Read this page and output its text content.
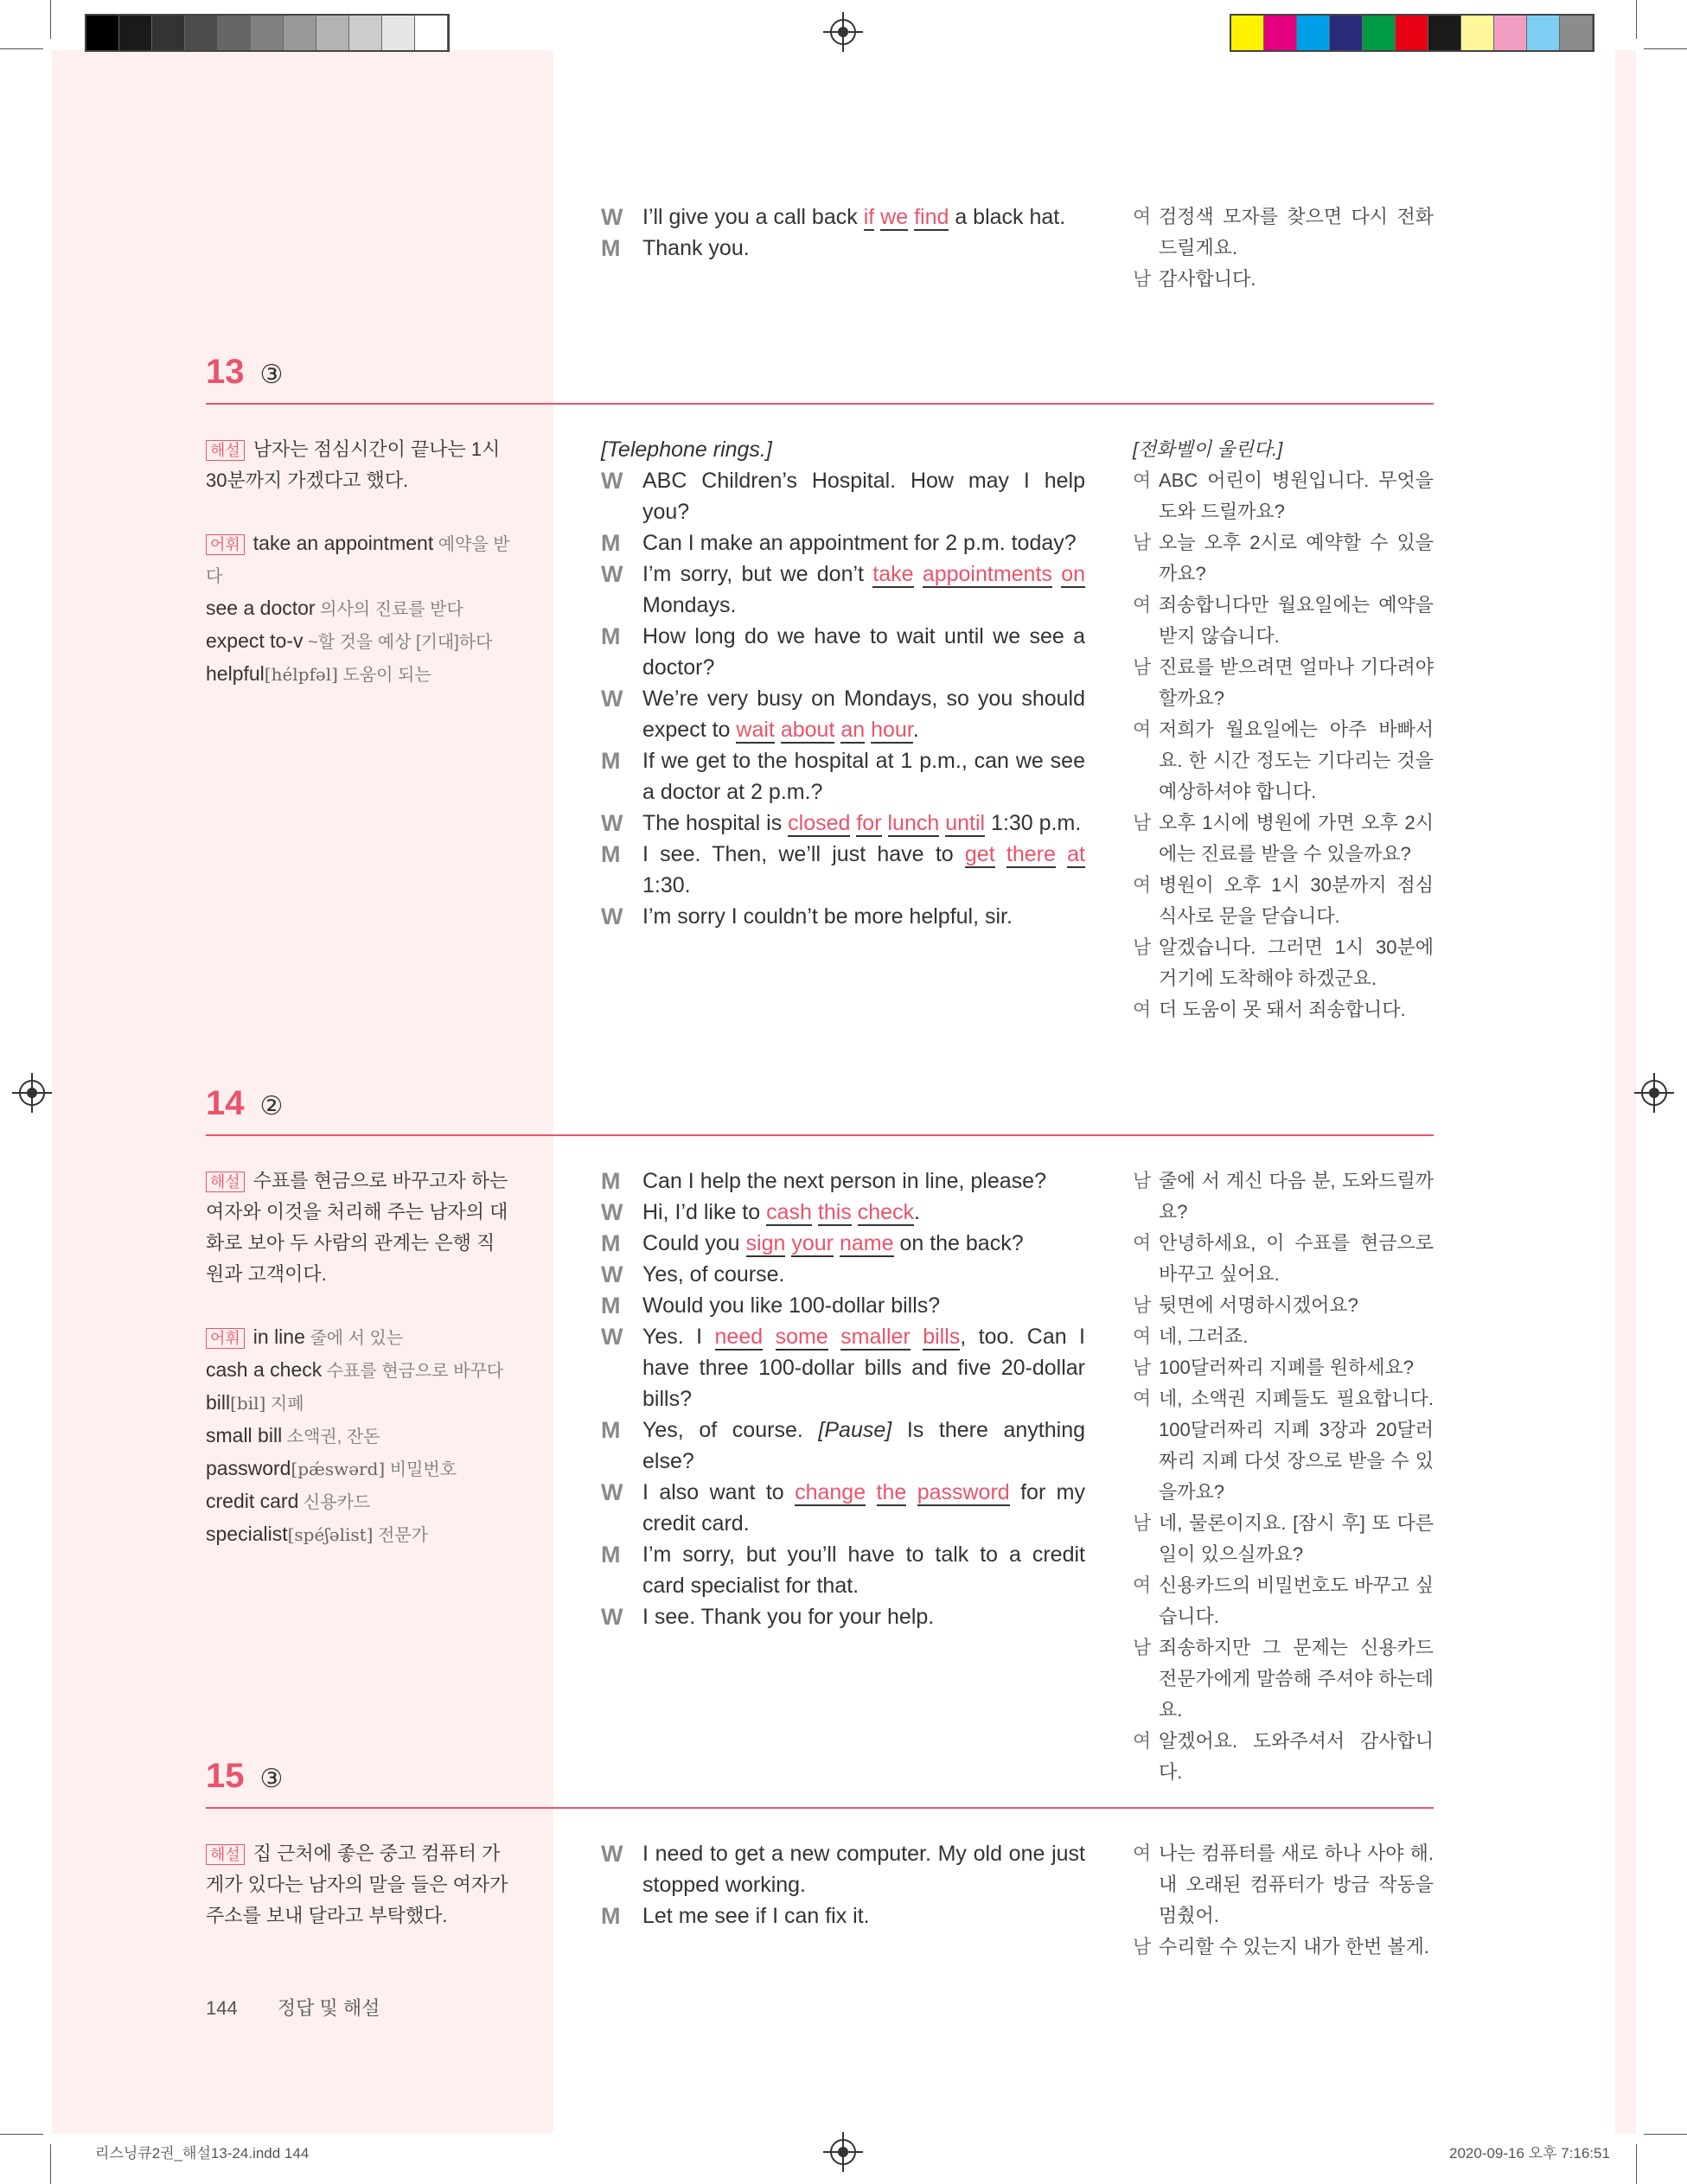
W I’ll give you a call back if we find a black hat.
M	Thank you.
여 검정색 모자를 찾으면 다시 전화 드릴게요.
남 감사합니다.
13 ③
해설 남자는 점심시간이 끝나는 1시 30분까지 가겠다고 했다.
어휘 take an appointment 예약을 받다
see a doctor 의사의 진료를 받다
expect to-v ~할 것을 예상 [기대]하다
helpful[hélpfəl] 도움이 되는
[Telephone rings.]
W ABC Children’s Hospital. How may I help you?
M	Can I make an appointment for 2 p.m. today?
W I’m sorry, but we don’t take appointments on Mondays.
M	How long do we have to wait until we see a doctor?
W We’re very busy on Mondays, so you should expect to wait about an hour.
M	If we get to the hospital at 1 p.m., can we see a doctor at 2 p.m.?
W The hospital is closed for lunch until 1:30 p.m.
M	I see. Then, we’ll just have to get there at 1:30.
W I’m sorry I couldn’t be more helpful, sir.
[전화벨이 울린다.]
여 ABC 어린이 병원입니다. 무엇을 도와 드릴까요?
남 오늘 오후 2시로 예약할 수 있을까요?
여 죄송합니다만 월요일에는 예약을 받지 않습니다.
남 진료를 받으려면 얼마나 기다려야 할까요?
여 저희가 월요일에는 아주 바빠서요. 한 시간 정도는 기다리는 것을 예상하셔야 합니다.
남 오후 1시에 병원에 가면 오후 2시에는 진료를 받을 수 있을까요?
여 병원이 오후 1시 30분까지 점심 식사로 문을 닫습니다.
남 알겠습니다. 그러면 1시 30분에 거기에 도착해야 하겠군요.
여 더 도움이 못 돼서 죄송합니다.
14 ②
해설 수표를 현금으로 바꾸고자 하는 여자와 이것을 처리해 주는 남자의 대화로 보아 두 사람의 관계는 은행 직원과 고객이다.
어휘 in line 줄에 서 있는
cash a check 수표를 현금으로 바꾸다
bill[bil] 지폐
small bill 소액권, 잔돈
password[pǽswərd] 비밀번호
credit card 신용카드
specialist[spéʃəlist] 전문가
M	Can I help the next person in line, please?
W Hi, I’d like to cash this check.
M	Could you sign your name on the back?
W Yes, of course.
M	Would you like 100-dollar bills?
W Yes. I need some smaller bills, too. Can I have three 100-dollar bills and five 20-dollar bills?
M	Yes, of course. [Pause] Is there anything else?
W I also want to change the password for my credit card.
M	I’m sorry, but you’ll have to talk to a credit card specialist for that.
W I see. Thank you for your help.
남 줄에 서 계신 다음 분, 도와드릴까요?
여 안녕하세요, 이 수표를 현금으로 바꾸고 싶어요.
남 뒷면에 서명하시겠어요?
여 네, 그러죠.
남 100달러짜리 지폐를 원하세요?
여 네, 소액권 지폐들도 필요합니다. 100달러짜리 지폐 3장과 20달러짜리 지폐 다섯 장으로 받을 수 있을까요?
남 네, 물론이지요. [잠시 후] 또 다른 일이 있으실까요?
여 신용카드의 비밀번호도 바꾸고 싶습니다.
남 죄송하지만 그 문제는 신용카드 전문가에게 말씀해 주셔야 하는데요.
여 알겠어요. 도와주셔서 감사합니다.
15 ③
해설 집 근처에 좋은 중고 컴퓨터 가게가 있다는 남자의 말을 들은 여자가 주소를 보내 달라고 부탁했다.
W I need to get a new computer. My old one just stopped working.
M	Let me see if I can fix it.
여 나는 컴퓨터를 새로 하나 사야 해. 내 오래된 컴퓨터가 방금 작동을 멈췄어.
남 수리할 수 있는지 내가 한번 볼게.
144 정답 및 해설
리스닝큐2권_해설13-24.indd 144	2020-09-16 오후 7:16:51
